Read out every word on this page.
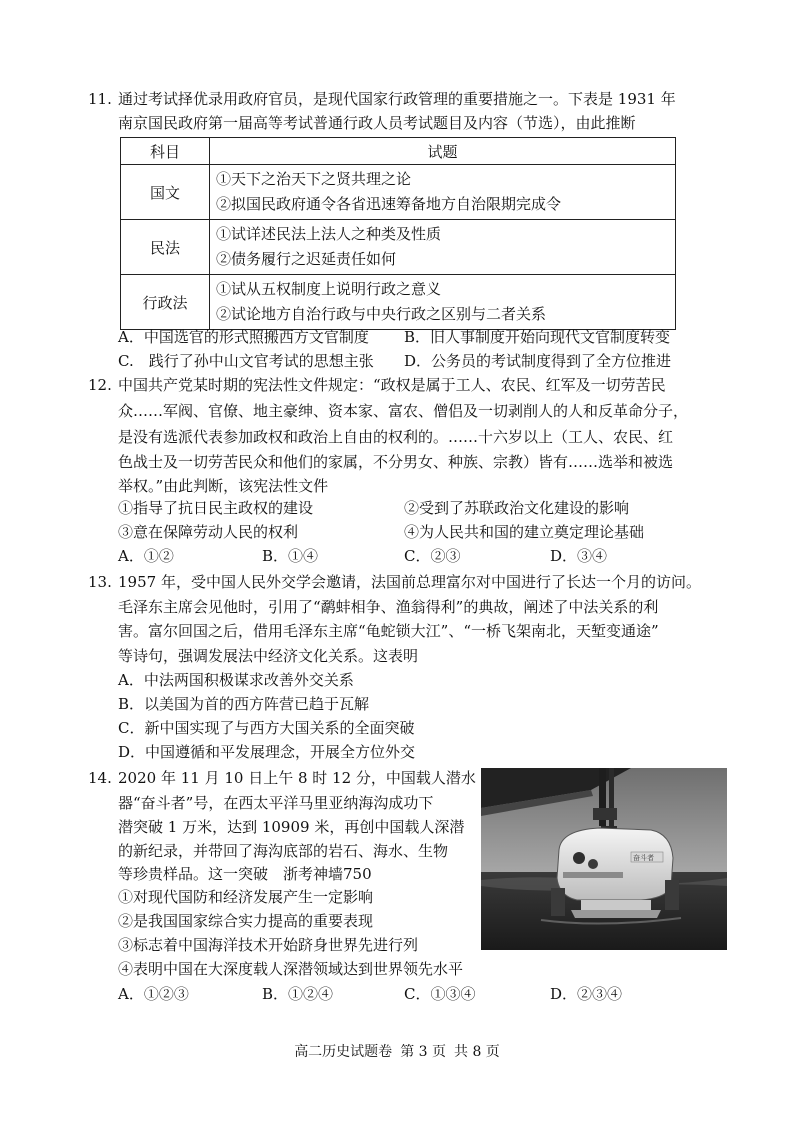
11. 通过考试择优录用政府官员，是现代国家行政管理的重要措施之一。下表是 1931 年
南京国民政府第一届高等考试普通行政人员考试题目及内容（节选），由此推断
科目	试题
国文	①天下之治天下之贤共理之论
②拟国民政府通令各省迅速筹备地方自治限期完成令

民法	①试详述民法上法人之种类及性质
②债务履行之迟延责任如何

行政法	①试从五权制度上说明行政之意义
②试论地方自治行政与中央行政之区别与二者关系
A．中国选官的形式照搬西方文官制度 B．旧人事制度开始向现代文官制度转变
C.　践行了孙中山文官考试的思想主张 D．公务员的考试制度得到了全方位推进
12. 中国共产党某时期的宪法性文件规定：“政权是属于工人、农民、红军及一切劳苦民
众……军阀、官僚、地主豪绅、资本家、富农、僧侣及一切剥削人的人和反革命分子，
是没有选派代表参加政权和政治上自由的权利的。……十六岁以上（工人、农民、红
色战士及一切劳苦民众和他们的家属，不分男女、种族、宗教）皆有……选举和被选
举权。”由此判断，该宪法性文件
①指导了抗日民主政权的建设	②受到了苏联政治文化建设的影响
③意在保障劳动人民的权利	④为人民共和国的建立奠定理论基础
A．①②	B．①④	C．②③	D．③④
13. 1957 年，受中国人民外交学会邀请，法国前总理富尔对中国进行了长达一个月的访问。
毛泽东主席会见他时，引用了“鹬蚌相争、渔翁得利”的典故，阐述了中法关系的利
害。富尔回国之后，借用毛泽东主席“龟蛇锁大江”、“一桥飞架南北，天堑变通途”
等诗句，强调发展法中经济文化关系。这表明
A．中法两国积极谋求改善外交关系
B．以美国为首的西方阵营已趋于瓦解
C．新中国实现了与西方大国关系的全面突破
D．中国遵循和平发展理念，开展全方位外交
14. 2020 年 11 月 10 日上午 8 时 12 分，中国载人潜水
器“奋斗者”号，在西太平洋马里亚纳海沟成功下
潜突破 1 万米，达到 10909 米，再创中国载人深潜
的新纪录，并带回了海沟底部的岩石、海水、生物
等珍贵样品。这一突破　浙考神墙750
①对现代国防和经济发展产生一定影响
②是我国国家综合实力提高的重要表现
③标志着中国海洋技术开始跻身世界先进行列
④表明中国在大深度载人深潜领域达到世界领先水平
A．①②③	B．①②④	C．①③④	D．②③④
奋斗者
高二历史试题卷 第 3 页 共 8 页
